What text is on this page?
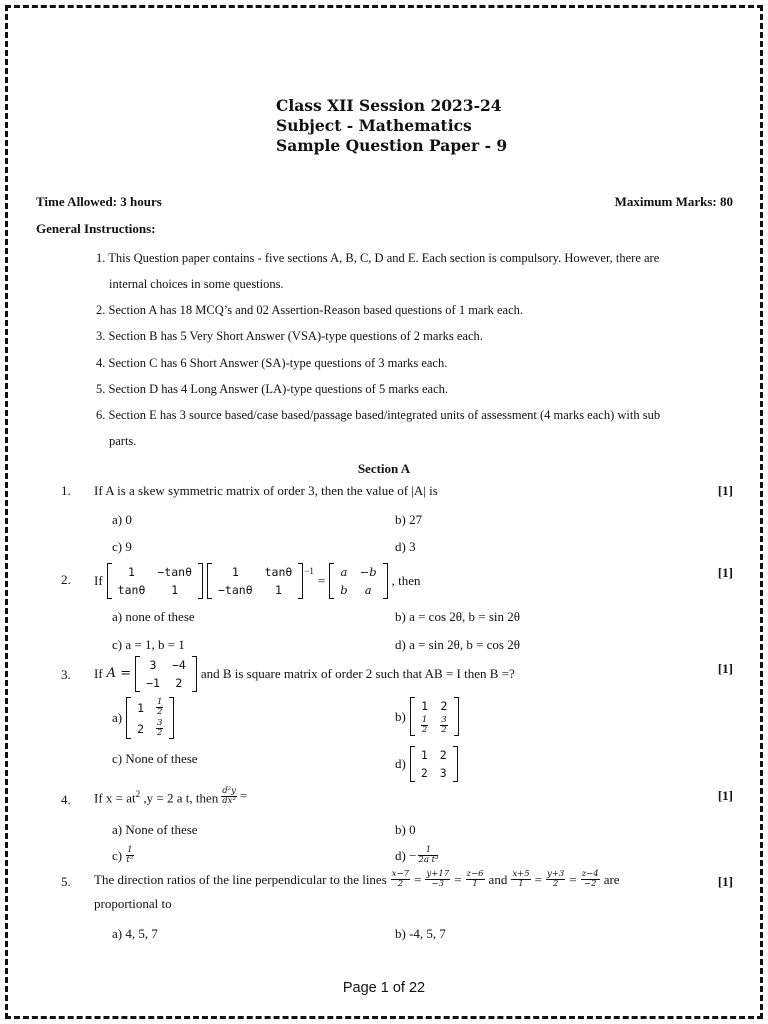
Class XII Session 2023-24
Subject - Mathematics
Sample Question Paper - 9
Time Allowed: 3 hours	Maximum Marks: 80
General Instructions:
1. This Question paper contains - five sections A, B, C, D and E. Each section is compulsory. However, there are
internal choices in some questions.
2. Section A has 18 MCQ’s and 02 Assertion-Reason based questions of 1 mark each.
3. Section B has 5 Very Short Answer (VSA)-type questions of 2 marks each.
4. Section C has 6 Short Answer (SA)-type questions of 3 marks each.
5. Section D has 4 Long Answer (LA)-type questions of 5 marks each.
6. Section E has 3 source based/case based/passage based/integrated units of assessment (4 marks each) with sub
parts.
Section A
1. If A is a skew symmetric matrix of order 3, then the value of |A| is	[1]
a) 0	b) 27
c) 9	d) 3
2. If
1	−tanθ
tanθ	1
1	tanθ
−tanθ	1
$^{-1}$
=
a	−b
b	a
, then
[1]
a) none of these	b) a = cos 2θ, b = sin 2θ
c) a = 1, b = 1	d) a = sin 2θ, b = cos 2θ
3. If A =
3	−4
−1	2
and B is square matrix of order 2 such that AB = I then B =?	[1]
a)
1	$\frac{1}{2}$

2	$\frac{3}{2}$
b)
1	2

$\frac{1}{2}$	$\frac{3}{2}$
c) None of these	d)
1	2
2	3
4. If $x = at^2$ ,y = 2 a t, then $\frac{\text{d²y}}{\text{dx²}}$ =	[1]
a) None of these	b) 0
$c) \frac{1}{\text{t²}}$	$d) - \frac{1}{\text{2a t³}}$
5. The direction ratios of the line perpendicular to the lines $\frac{x-7}{2} = \frac{y+17}{-3} = \frac{z-6}{1}$ and $\frac{x+5}{1} = \frac{y+3}{2} = \frac{z-4}{-2}$ are	[1]
proportional to
a) 4, 5, 7	b) -4, 5, 7
Page 1 of 22
